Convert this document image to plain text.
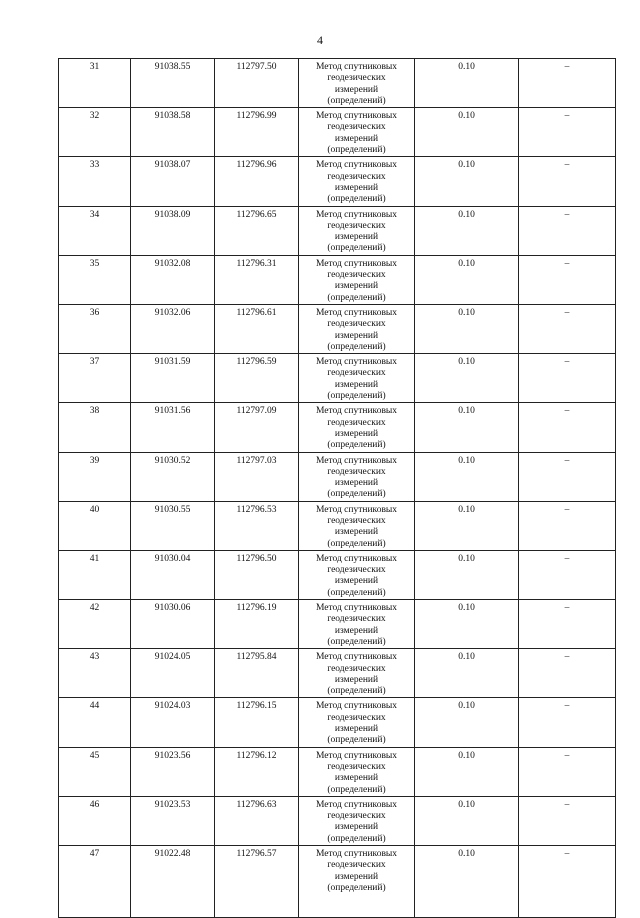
4
31	91038.55	112797.50	Метод спутниковых
геодезических
измерений
(определений)	0.10	–
32	91038.58	112796.99	Метод спутниковых
геодезических
измерений
(определений)	0.10	–
33	91038.07	112796.96	Метод спутниковых
геодезических
измерений
(определений)	0.10	–
34	91038.09	112796.65	Метод спутниковых
геодезических
измерений
(определений)	0.10	–
35	91032.08	112796.31	Метод спутниковых
геодезических
измерений
(определений)	0.10	–
36	91032.06	112796.61	Метод спутниковых
геодезических
измерений
(определений)	0.10	–
37	91031.59	112796.59	Метод спутниковых
геодезических
измерений
(определений)	0.10	–
38	91031.56	112797.09	Метод спутниковых
геодезических
измерений
(определений)	0.10	–
39	91030.52	112797.03	Метод спутниковых
геодезических
измерений
(определений)	0.10	–
40	91030.55	112796.53	Метод спутниковых
геодезических
измерений
(определений)	0.10	–
41	91030.04	112796.50	Метод спутниковых
геодезических
измерений
(определений)	0.10	–
42	91030.06	112796.19	Метод спутниковых
геодезических
измерений
(определений)	0.10	–
43	91024.05	112795.84	Метод спутниковых
геодезических
измерений
(определений)	0.10	–
44	91024.03	112796.15	Метод спутниковых
геодезических
измерений
(определений)	0.10	–
45	91023.56	112796.12	Метод спутниковых
геодезических
измерений
(определений)	0.10	–
46	91023.53	112796.63	Метод спутниковых
геодезических
измерений
(определений)	0.10	–
47	91022.48	112796.57	Метод спутниковых
геодезических
измерений
(определений)	0.10	–
